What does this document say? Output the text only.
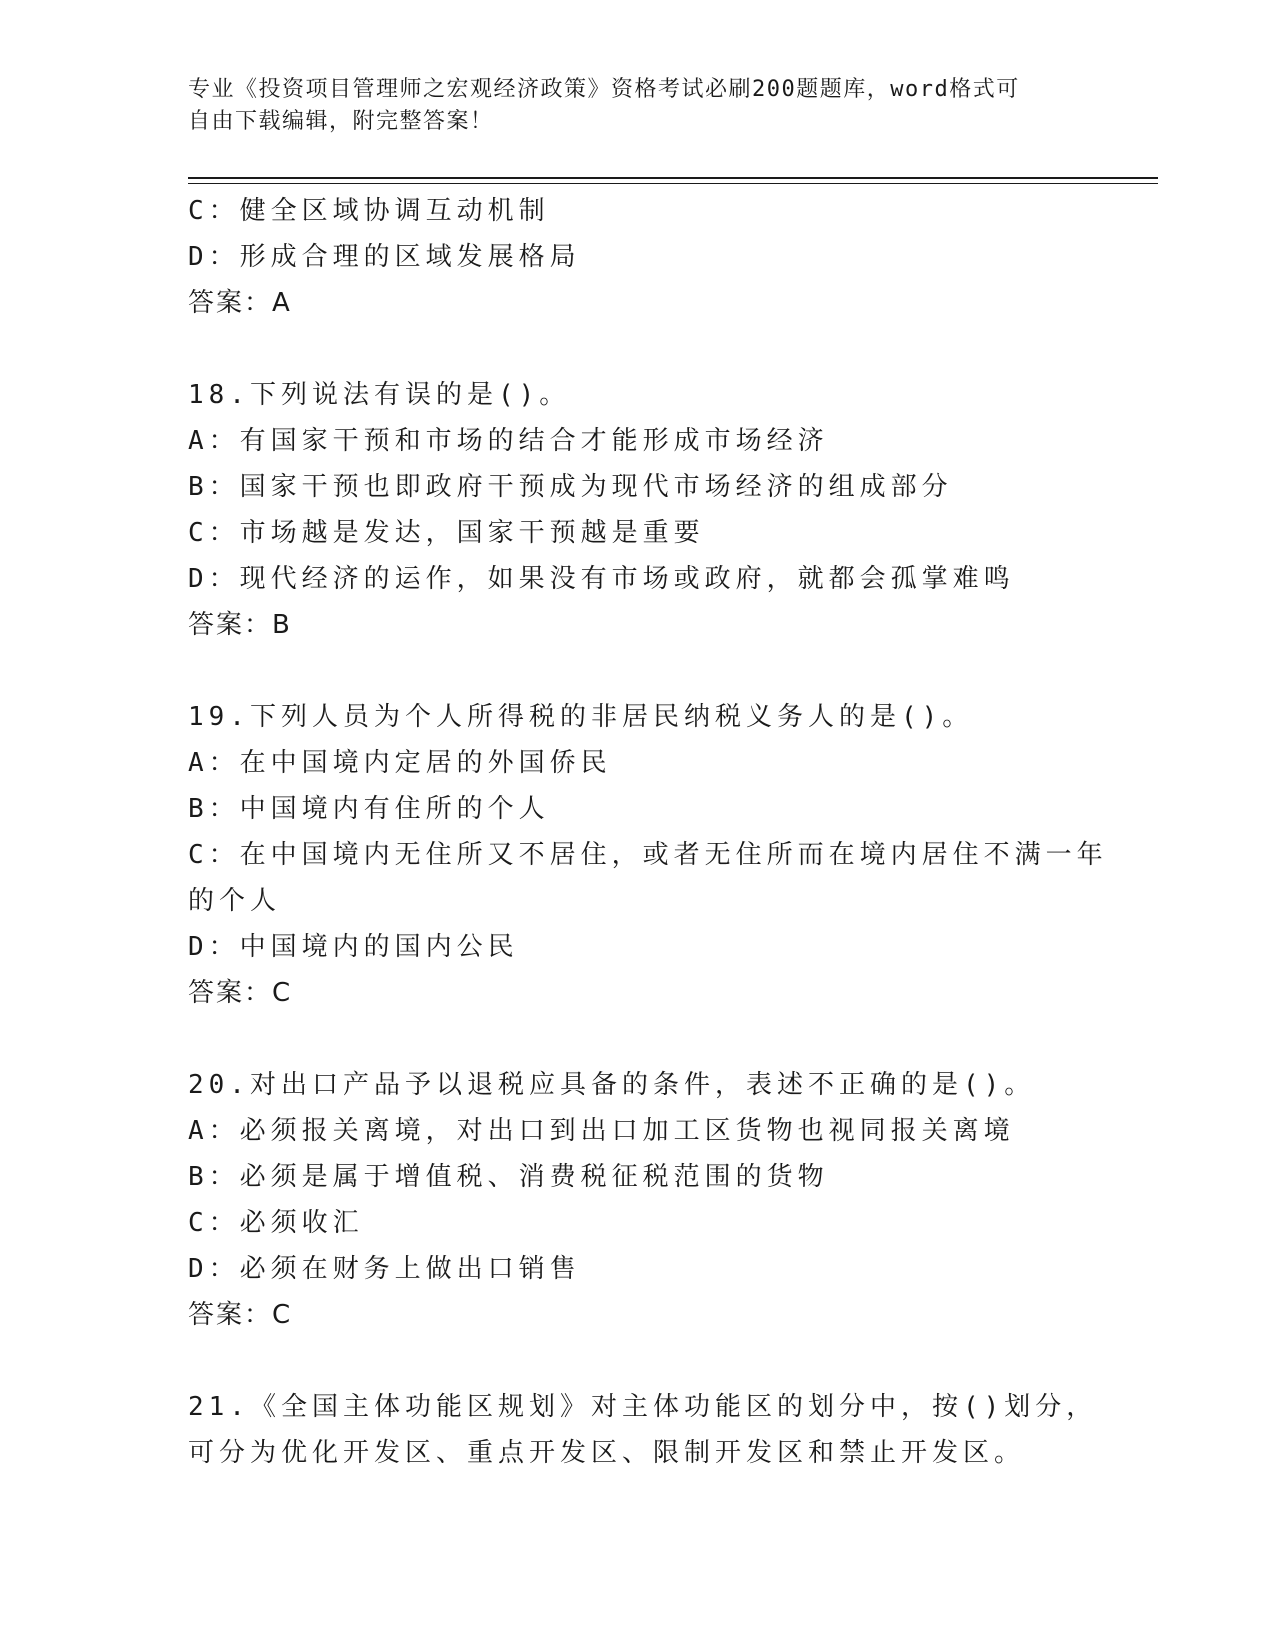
专业《投资项目管理师之宏观经济政策》资格考试必刷200题题库，word格式可
自由下载编辑，附完整答案！
C：健全区域协调互动机制
D：形成合理的区域发展格局
答案：A
18.下列说法有误的是()。
A：有国家干预和市场的结合才能形成市场经济
B：国家干预也即政府干预成为现代市场经济的组成部分
C：市场越是发达，国家干预越是重要
D：现代经济的运作，如果没有市场或政府，就都会孤掌难鸣
答案：B
19.下列人员为个人所得税的非居民纳税义务人的是()。
A：在中国境内定居的外国侨民
B：中国境内有住所的个人
C：在中国境内无住所又不居住，或者无住所而在境内居住不满一年的个人
D：中国境内的国内公民
答案：C
20.对出口产品予以退税应具备的条件，表述不正确的是()。
A：必须报关离境，对出口到出口加工区货物也视同报关离境
B：必须是属于增值税、消费税征税范围的货物
C：必须收汇
D：必须在财务上做出口销售
答案：C
21.《全国主体功能区规划》对主体功能区的划分中，按()划分，可分为优化开发区、重点开发区、限制开发区和禁止开发区。
